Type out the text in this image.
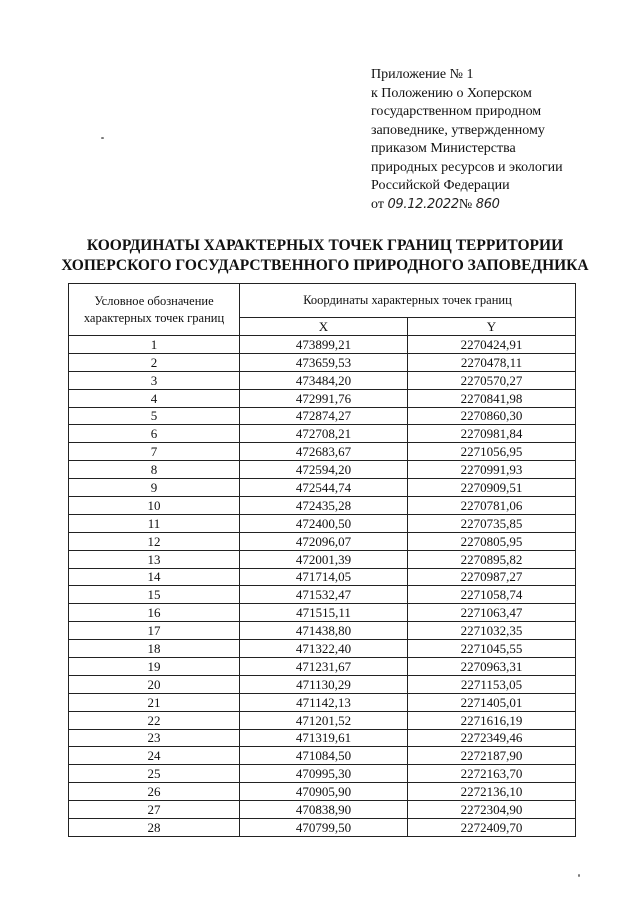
Приложение № 1
к Положению о Хоперском
государственном природном
заповеднике, утвержденному
приказом Министерства
природных ресурсов и экологии
Российской Федерации
от 09.12.2022№ 860
КООРДИНАТЫ ХАРАКТЕРНЫХ ТОЧЕК ГРАНИЦ ТЕРРИТОРИИ
ХОПЕРСКОГО ГОСУДАРСТВЕННОГО ПРИРОДНОГО ЗАПОВЕДНИКА
Условное обозначение
характерных точек границ	Координаты характерных точек границ	
	X	Y
1	473899,21	2270424,91
2	473659,53	2270478,11
3	473484,20	2270570,27
4	472991,76	2270841,98
5	472874,27	2270860,30
6	472708,21	2270981,84
7	472683,67	2271056,95
8	472594,20	2270991,93
9	472544,74	2270909,51
10	472435,28	2270781,06
11	472400,50	2270735,85
12	472096,07	2270805,95
13	472001,39	2270895,82
14	471714,05	2270987,27
15	471532,47	2271058,74
16	471515,11	2271063,47
17	471438,80	2271032,35
18	471322,40	2271045,55
19	471231,67	2270963,31
20	471130,29	2271153,05
21	471142,13	2271405,01
22	471201,52	2271616,19
23	471319,61	2272349,46
24	471084,50	2272187,90
25	470995,30	2272163,70
26	470905,90	2272136,10
27	470838,90	2272304,90
28	470799,50	2272409,70
